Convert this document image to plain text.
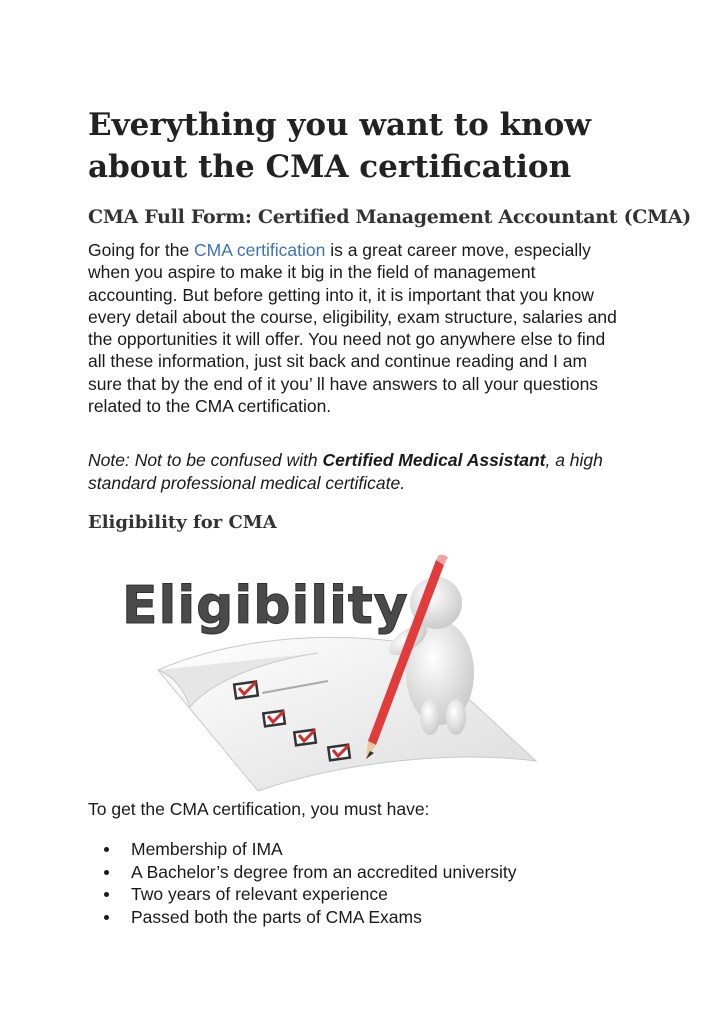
Everything you want to know about the CMA certification
CMA Full Form: Certified Management Accountant (CMA)

Going for the CMA certification is a great career move, especially when you aspire to make it big in the field of management accounting. But before getting into it, it is important that you know every detail about the course, eligibility, exam structure, salaries and the opportunities it will offer. You need not go anywhere else to find all these information, just sit back and continue reading and I am sure that by the end of it you’ ll have answers to all your questions related to the CMA certification.

Note: Not to be confused with Certified Medical Assistant, a high standard professional medical certificate.

Eligibility for CMA
Eligibility

To get the CMA certification, you must have:

Membership of IMA
A Bachelor’s degree from an accredited university
Two years of relevant experience
Passed both the parts of CMA Exams
